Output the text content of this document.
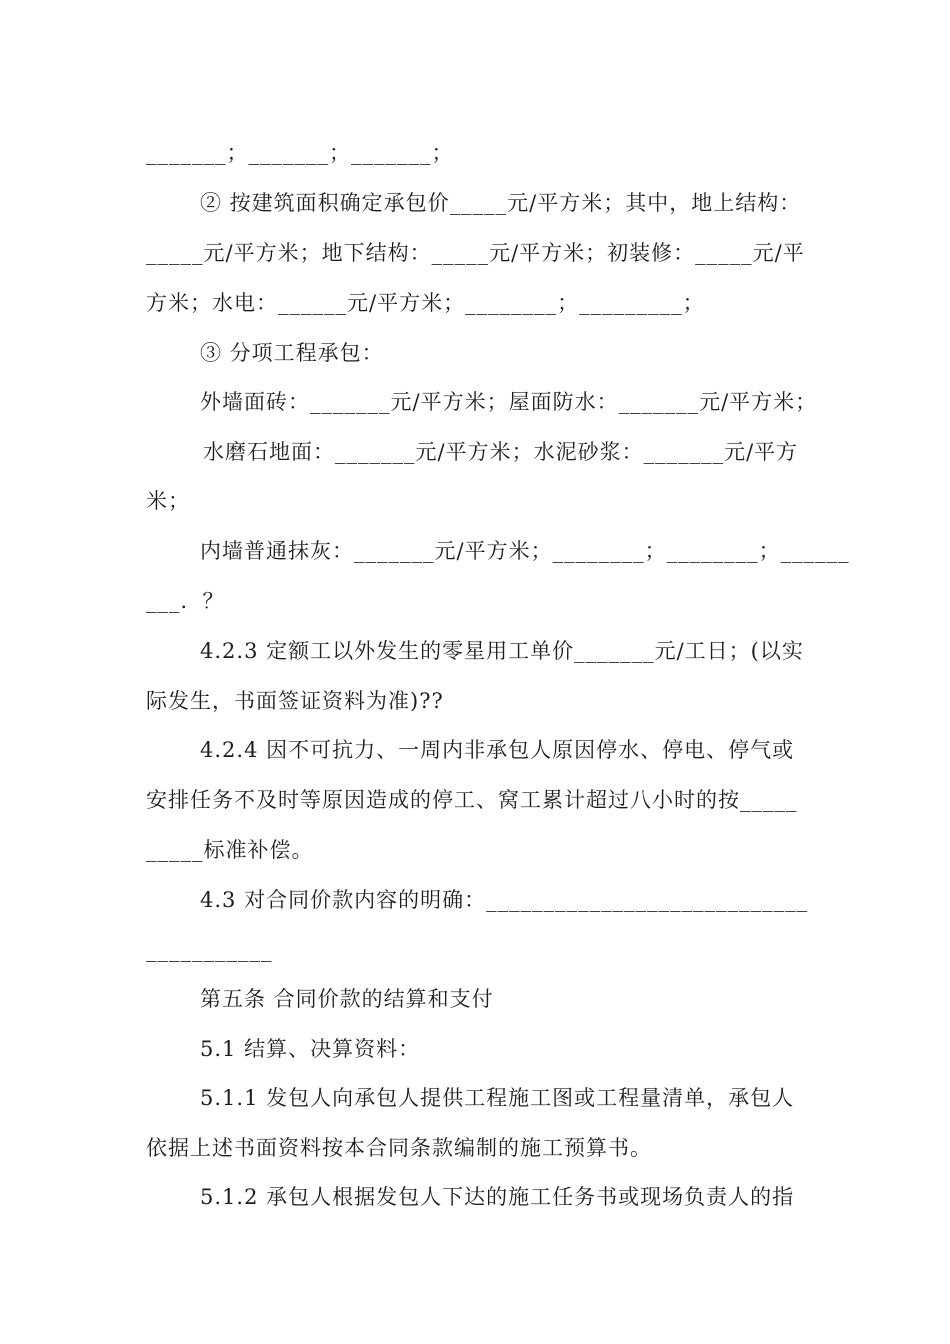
_______；_______；_______；
② 按建筑面积确定承包价_____元/平方米；其中，地上结构：
_____元/平方米；地下结构：_____元/平方米；初装修：_____元/平
方米；水电：______元/平方米；________；_________；
③ 分项工程承包：
外墙面砖：_______元/平方米；屋面防水：_______元/平方米；
水磨石地面：_______元/平方米；水泥砂浆：_______元/平方
米；
内墙普通抹灰：_______元/平方米；________；________；______
___．？
4.2.3 定额工以外发生的零星用工单价_______元/工日；(以实
际发生，书面签证资料为准)??
4.2.4 因不可抗力、一周内非承包人原因停水、停电、停气或
安排任务不及时等原因造成的停工、窝工累计超过八小时的按_____
_____标准补偿。
4.3 对合同价款内容的明确：____________________________
___________
第五条 合同价款的结算和支付
5.1 结算、决算资料：
5.1.1 发包人向承包人提供工程施工图或工程量清单，承包人
依据上述书面资料按本合同条款编制的施工预算书。
5.1.2 承包人根据发包人下达的施工任务书或现场负责人的指
